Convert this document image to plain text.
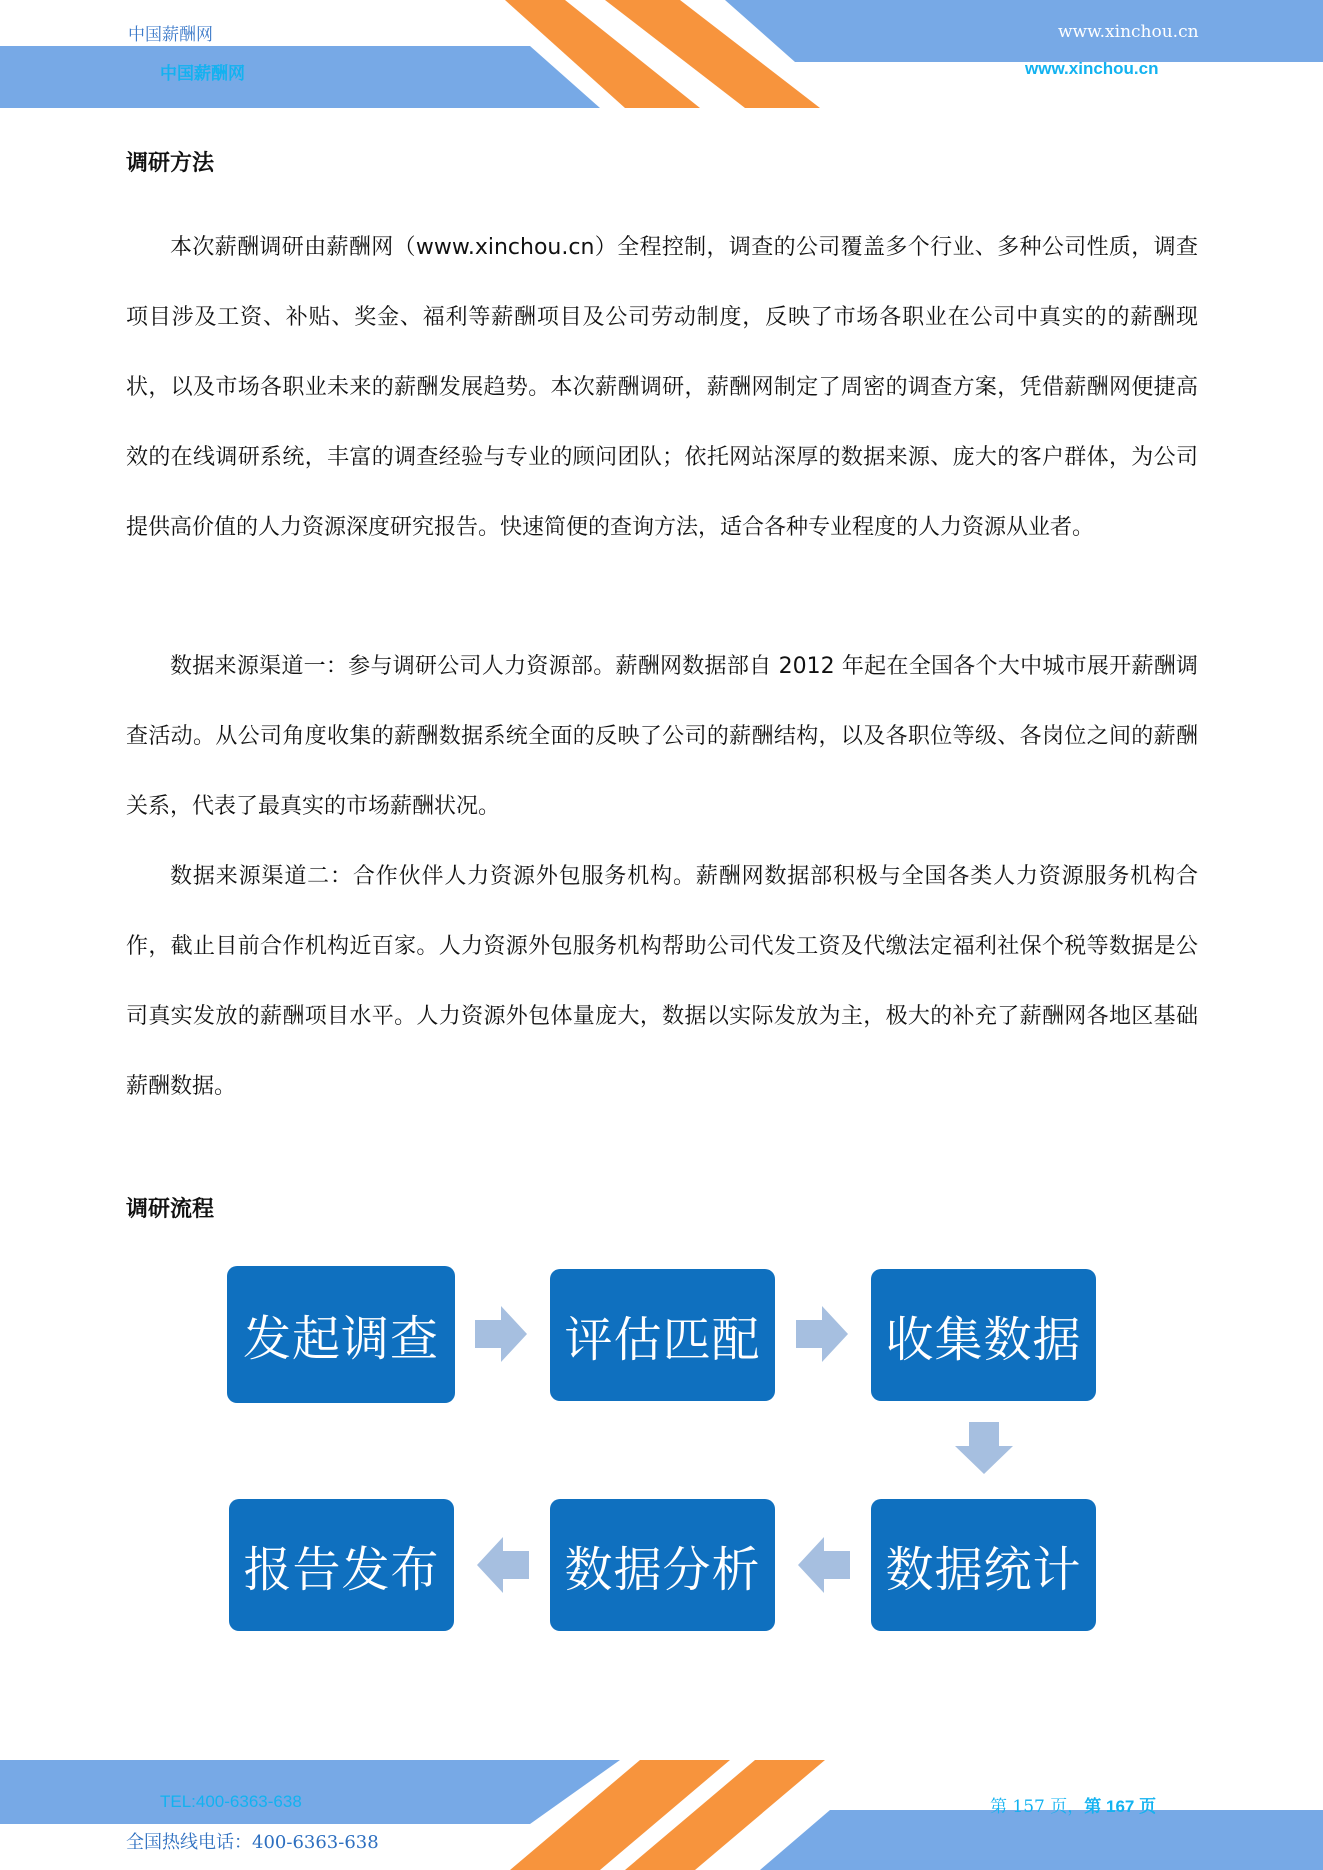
中国薪酬网
中国薪酬网
www.xinchou.cn
www.xinchou.cn
调研方法

本次薪酬调研由薪酬网（www.xinchou.cn）全程控制，调查的公司覆盖多个行业、多种公司性质，调查项目涉及工资、补贴、奖金、福利等薪酬项目及公司劳动制度，反映了市场各职业在公司中真实的的薪酬现状，以及市场各职业未来的薪酬发展趋势。本次薪酬调研，薪酬网制定了周密的调查方案，凭借薪酬网便捷高效的在线调研系统，丰富的调查经验与专业的顾问团队；依托网站深厚的数据来源、庞大的客户群体，为公司提供高价值的人力资源深度研究报告。快速简便的查询方法，适合各种专业程度的人力资源从业者。

数据来源渠道一：参与调研公司人力资源部。薪酬网数据部自 2012 年起在全国各个大中城市展开薪酬调查活动。从公司角度收集的薪酬数据系统全面的反映了公司的薪酬结构，以及各职位等级、各岗位之间的薪酬关系，代表了最真实的市场薪酬状况。

数据来源渠道二：合作伙伴人力资源外包服务机构。薪酬网数据部积极与全国各类人力资源服务机构合作，截止目前合作机构近百家。人力资源外包服务机构帮助公司代发工资及代缴法定福利社保个税等数据是公司真实发放的薪酬项目水平。人力资源外包体量庞大，数据以实际发放为主，极大的补充了薪酬网各地区基础薪酬数据。

调研流程
发起调查	评估匹配	收集数据
数据统计
数据分析
报告发布
TEL:400-6363-638	第 157 页，第 167 页
全国热线电话：400-6363-638
